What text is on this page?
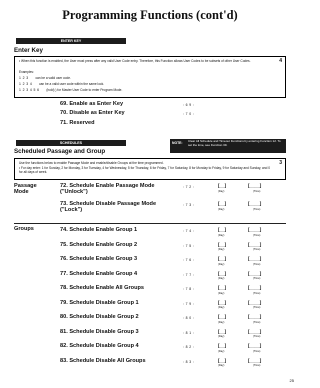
Programming Functions (cont'd)
ENTER KEY
Enter Key
• When this function is enabled, the User must press after any valid User Code entry. Therefore, this Function allows User Codes to be subsets of other User Codes.	4
Examples:
1 2 3 can be a valid user code.
1 2 3 4 can be a valid user code within the same lock.
1 2 3 4 5 6 (hold) ) for Master User Code to enter Program Mode.
69. Enable as Enter Key	: 6 9 :
70. Disable as Enter Key	: 7 0 :
71. Reserved
SCHEDULES
Scheduled Passage and Group
NOTE: Clear All Schedule and Timeout Functions by entering Function 12. To set the time, see Function 39.
Use the functions below to enable Passage Mode and enable/disable Groups at the time programmed.
• For day enter: 1 for Sunday, 2 for Monday, 3 for Tuesday, 4 for Wednesday, 5 for Thursday, 6 for Friday, 7 for Saturday, 8 for Monday to Friday, 9 for Saturday and Sunday, and 0 for all days of week.
3
Passage Mode
72. Schedule Enable Passage Mode ("Unlock")
: 7 2 :	[__]
(Day)
[____]
(Time)
73. Schedule Disable Passage Mode ("Lock")
: 7 3 :	[__]
(Day)
[____]
(Time)
Groups	74. Schedule Enable Group 1	: 7 4 :	[__]
(Day)
[____]
(Time)
75. Schedule Enable Group 2	: 7 5 :	[__]
(Day)
[____]
(Time)
76. Schedule Enable Group 3	: 7 6 :	[__]
(Day)
[____]
(Time)
77. Schedule Enable Group 4	: 7 7 :	[__]
(Day)
[____]
(Time)
78. Schedule Enable All Groups	: 7 8 :	[__]
(Day)
[____]
(Time)
79. Schedule Disable Group 1	: 7 9 :	[__]
(Day)
[____]
(Time)
80. Schedule Disable Group 2	: 8 0 :	[__]
(Day)
[____]
(Time)
81. Schedule Disable Group 3	: 8 1 :	[__]
(Day)
[____]
(Time)
82. Schedule Disable Group 4	: 8 2 :	[__]
(Day)
[____]
(Time)
83. Schedule Disable All Groups	: 8 3 :	[__]
(Day)
[____]
(Time)
25
